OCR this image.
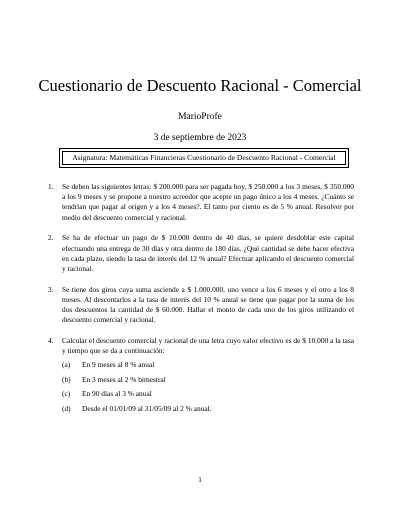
Cuestionario de Descuento Racional - Comercial
MarioProfe
3 de septiembre de 2023
Asignatura: Matemáticas Financieras Cuestionario de Descuento Racional - Comercial
1. Se deben las siguientes letras: $ 200.000 para ser pagada hoy, $ 250.000 a los 3 meses, $ 350.000 a los 9 meses y se propone a nuestro acreedor que acepte un pago único a los 4 meses. ¿Cuánto se tendrían que pagar al origen y a los 4 meses?. El tanto por ciento es de 5 % anual. Resolver por medio del descuento comercial y racional.
2. Se ha de efectuar un pago de $ 10.000 dentro de 40 días, se quiere desdoblar este capital efectuando una entrega de 30 días y otra dentro de 180 días. ¿Qué cantidad se debe hacer efectiva en cada plazo, siendo la tasa de interés del 12 % anual? Efectuar aplicando el descuento comercial y racional.
3. Se tiene dos giros cuya suma asciende a $ 1.000.000, uno vence a los 6 meses y el otro a los 8 meses. Al descontarlos a la tasa de interés del 10 % anual se tiene que pagar por la suma de los dos descuentos la cantidad de $ 60.000. Hallar el monto de cada uno de los giros utilizando el descuento comercial y racional.
4. Calcular el descuento comercial y racional de una letra cuyo valor efectivo es de $ 10.000 a la tasa y tiempo que se da a continuación:
(a) En 9 meses al 8 % anual
(b) En 3 meses al 2 % bimestral
(c) En 90 días al 3 % anual
(d) Desde el 01/01/09 al 31/05/09 al 2 % anual.
1
